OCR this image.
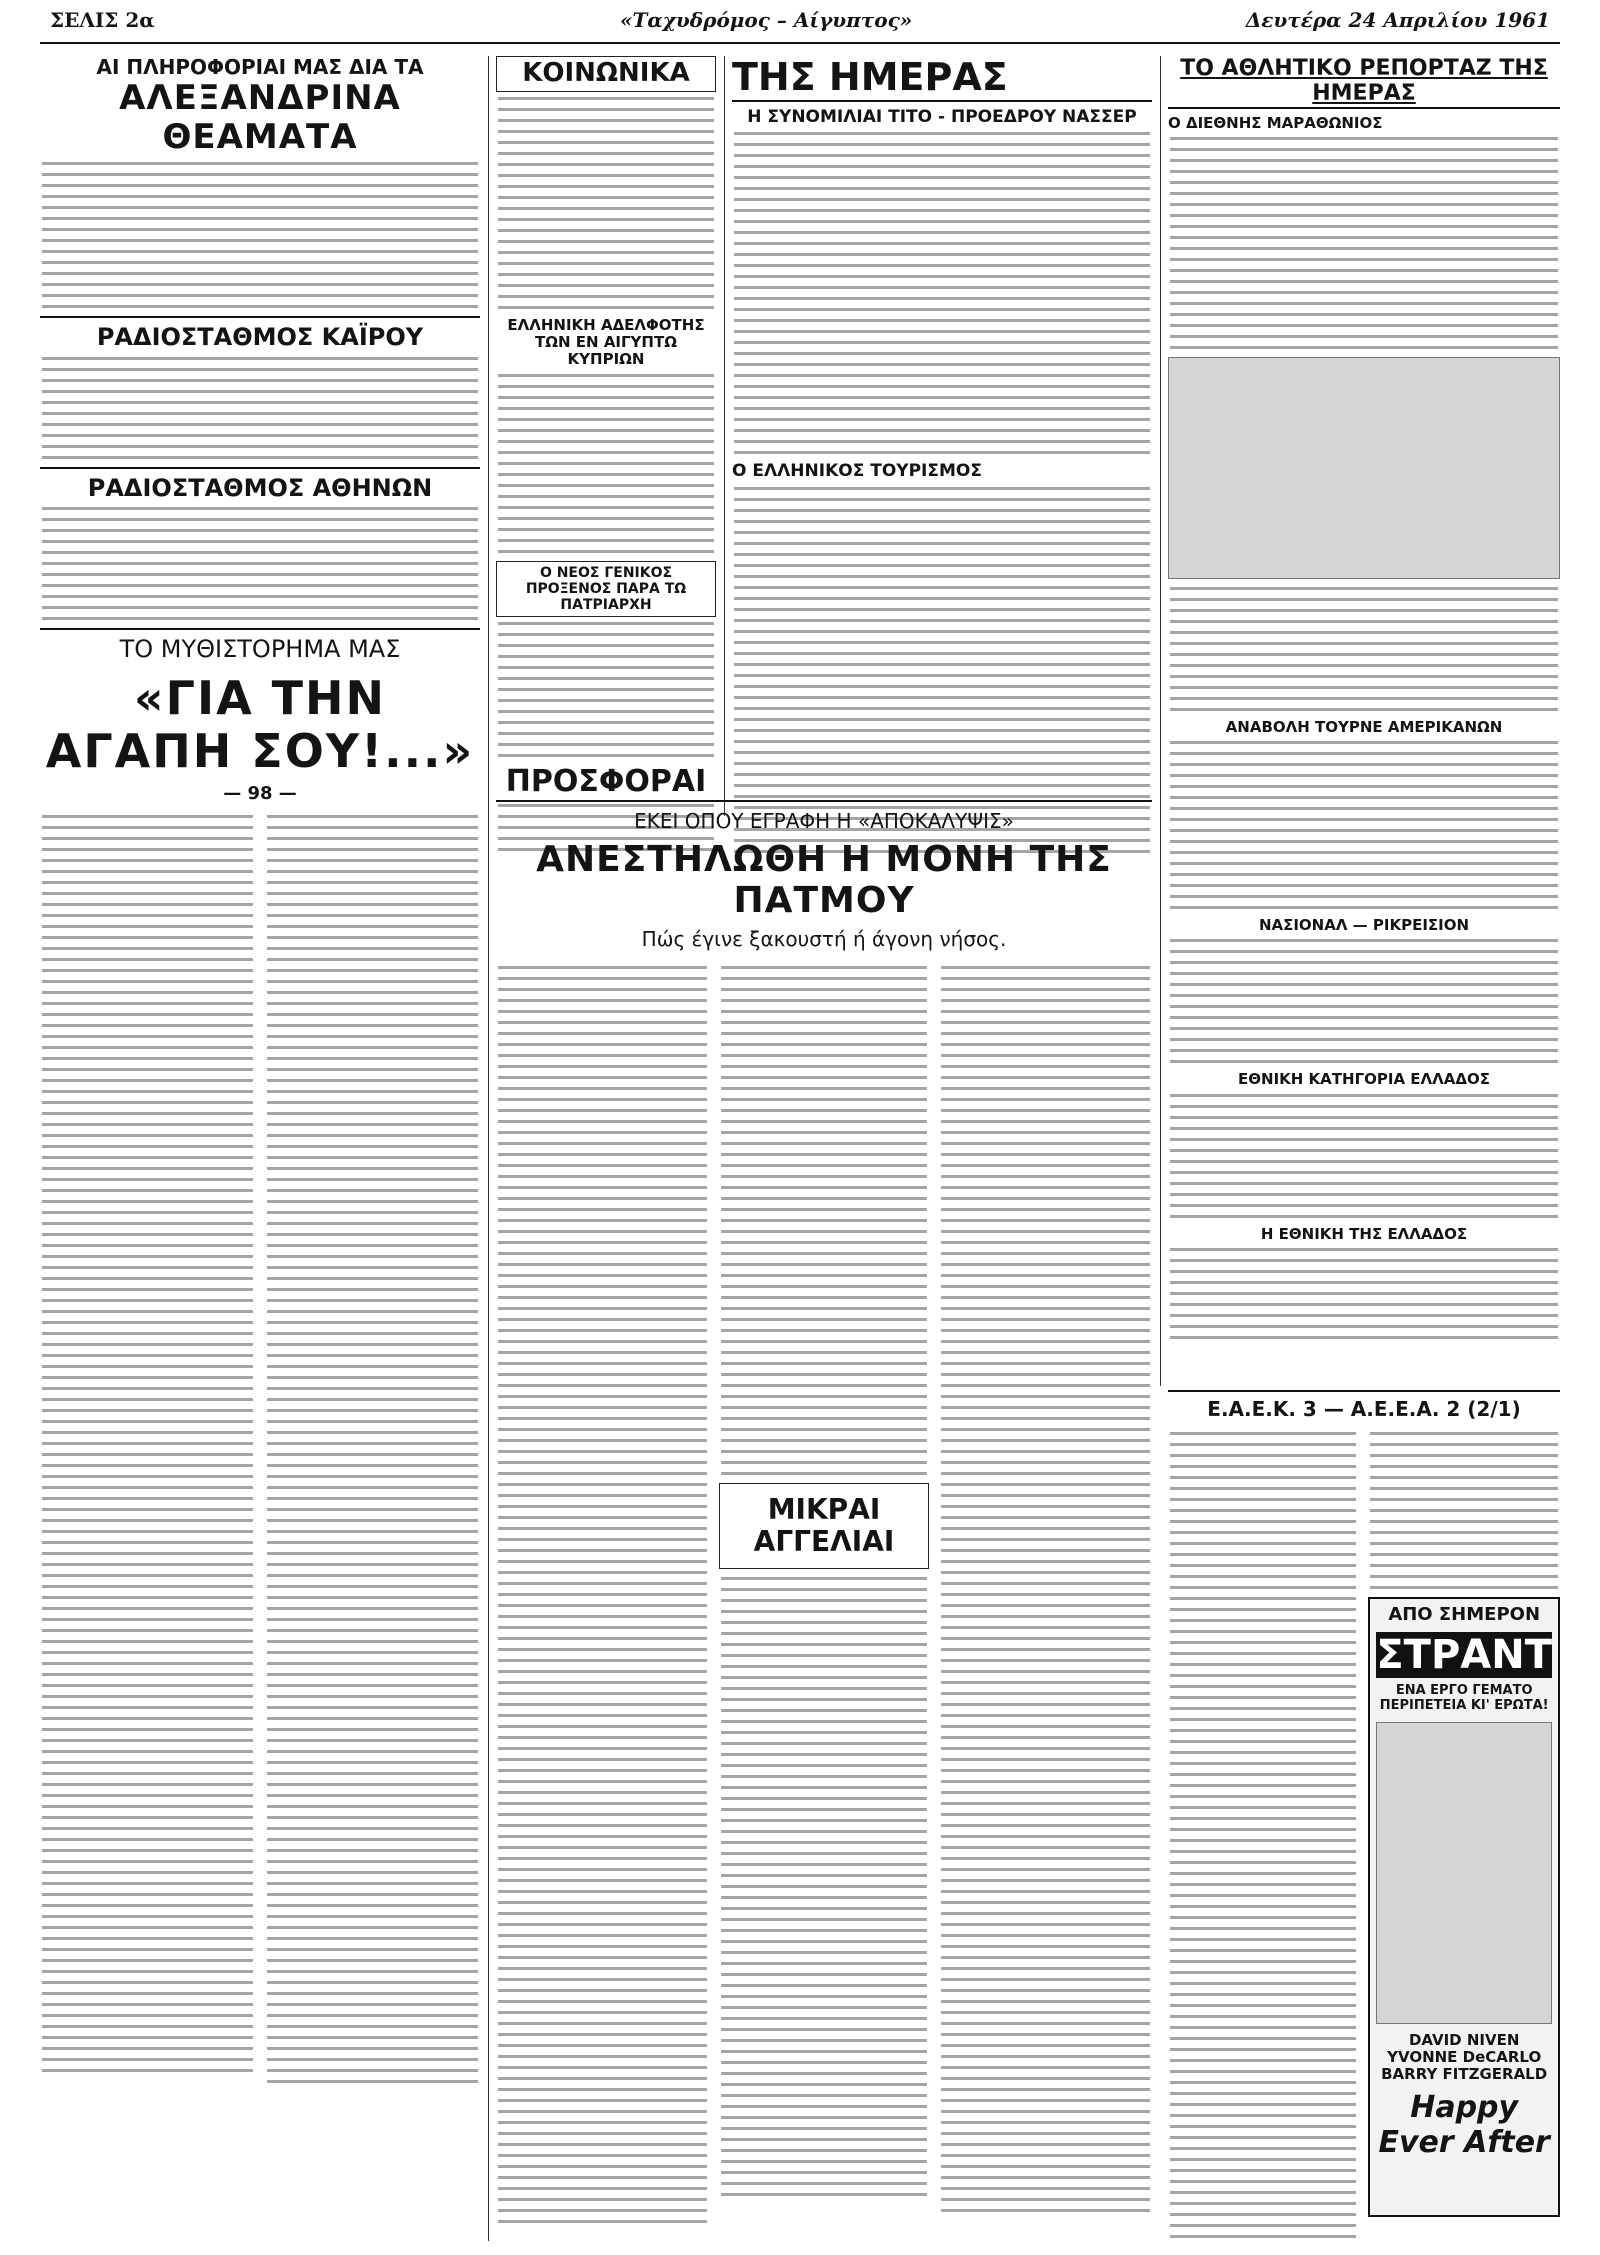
ΣΕΛΙΣ 2α	«Ταχυδρόμος – Αίγυπτος»	Δευτέρα 24 Απριλίου 1961
ΑΙ ΠΛΗΡΟΦΟΡΙΑΙ ΜΑΣ ΔΙΑ ΤΑ
ΑΛΕΞΑΝΔΡΙΝΑ ΘΕΑΜΑΤΑ
ΡΑΔΙΟΣΤΑΘΜΟΣ ΚΑΪΡΟΥ
ΡΑΔΙΟΣΤΑΘΜΟΣ ΑΘΗΝΩΝ
ΤΟ ΜΥΘΙΣΤΟΡΗΜΑ ΜΑΣ
«ΓΙΑ ΤΗΝ ΑΓΑΠΗ ΣΟΥ!...»
— 98 —
ΚΟΙΝΩΝΙΚΑ
ΕΛΛΗΝΙΚΗ ΑΔΕΛΦΟΤΗΣ ΤΩΝ ΕΝ ΑΙΓΥΠΤΩ ΚΥΠΡΙΩΝ
Ο ΝΕΟΣ ΓΕΝΙΚΟΣ ΠΡΟΞΕΝΟΣ ΠΑΡΑ ΤΩ ΠΑΤΡΙΑΡΧΗ
ΠΡΟΣΦΟΡΑΙ
ΤΗΣ ΗΜΕΡΑΣ
Η ΣΥΝΟΜΙΛΙΑΙ ΤΙΤΟ - ΠΡΟΕΔΡΟΥ ΝΑΣΣΕΡ
Ο ΕΛΛΗΝΙΚΟΣ ΤΟΥΡΙΣΜΟΣ
ΤΟ ΑΘΛΗΤΙΚΟ ΡΕΠΟΡΤΑΖ ΤΗΣ ΗΜΕΡΑΣ
Ο ΔΙΕΘΝΗΣ ΜΑΡΑΘΩΝΙΟΣ
ΑΝΑΒΟΛΗ ΤΟΥΡΝΕ ΑΜΕΡΙΚΑΝΩΝ
ΝΑΣΙΟΝΑΛ — ΡΙΚΡΕΙΣΙΟΝ
ΕΘΝΙΚΗ ΚΑΤΗΓΟΡΙΑ ΕΛΛΑΔΟΣ
Η ΕΘΝΙΚΗ ΤΗΣ ΕΛΛΑΔΟΣ
ΕΚΕΙ ΟΠΟΥ ΕΓΡΑΦΗ Η «ΑΠΟΚΑΛΥΨΙΣ»
ΑΝΕΣΤΗΛΩΘΗ Η ΜΟΝΗ ΤΗΣ ΠΑΤΜΟΥ
Πώς έγινε ξακουστή ή άγονη νήσος.
ΜΙΚΡΑΙ ΑΓΓΕΛΙΑΙ
Ε.Α.Ε.Κ. 3 — Α.Ε.Ε.Α. 2 (2/1)
ΑΠΟ ΣΗΜΕΡΟΝ
ΣΤΡΑΝΤ
ΕΝΑ ΕΡΓΟ ΓΕΜΑΤΟ ΠΕΡΙΠΕΤΕΙΑ ΚΙ' ΕΡΩΤΑ!
DAVID NIVEN YVONNE DeCARLO BARRY FITZGERALD
Happy Ever After
